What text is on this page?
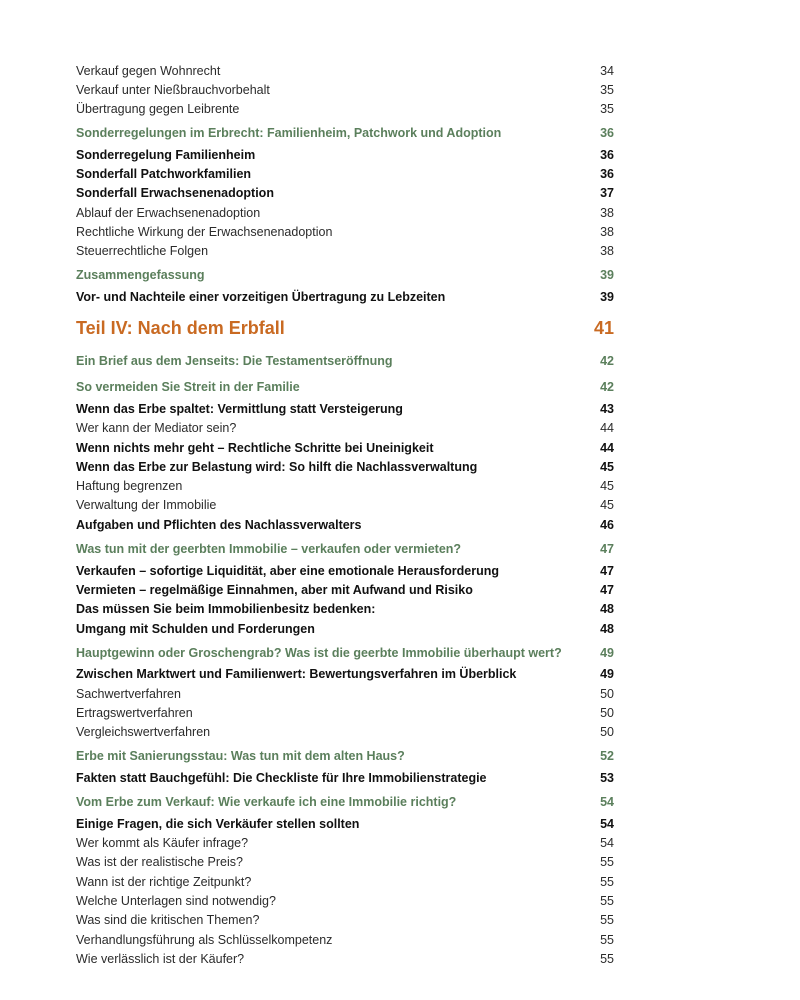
Verkauf gegen Wohnrecht	34
Verkauf unter Nießbrauchvorbehalt	35
Übertragung gegen Leibrente	35
Sonderregelungen im Erbrecht: Familienheim, Patchwork und Adoption	36
Sonderregelung Familienheim	36
Sonderfall Patchworkfamilien	36
Sonderfall Erwachsenenadoption	37
Ablauf der Erwachsenenadoption	38
Rechtliche Wirkung der Erwachsenenadoption	38
Steuerrechtliche Folgen	38
Zusammengefassung	39
Vor- und Nachteile einer vorzeitigen Übertragung zu Lebzeiten	39
Teil IV: Nach dem Erbfall	41
Ein Brief aus dem Jenseits: Die Testamentseröffnung	42
So vermeiden Sie Streit in der Familie	42
Wenn das Erbe spaltet: Vermittlung statt Versteigerung	43
Wer kann der Mediator sein?	44
Wenn nichts mehr geht – Rechtliche Schritte bei Uneinigkeit	44
Wenn das Erbe zur Belastung wird: So hilft die Nachlassverwaltung	45
Haftung begrenzen	45
Verwaltung der Immobilie	45
Aufgaben und Pflichten des Nachlassverwalters	46
Was tun mit der geerbten Immobilie – verkaufen oder vermieten?	47
Verkaufen – sofortige Liquidität, aber eine emotionale Herausforderung	47
Vermieten – regelmäßige Einnahmen, aber mit Aufwand und Risiko	47
Das müssen Sie beim Immobilienbesitz bedenken:	48
Umgang mit Schulden und Forderungen	48
Hauptgewinn oder Groschengrab? Was ist die geerbte Immobilie überhaupt wert?	49
Zwischen Marktwert und Familienwert: Bewertungsverfahren im Überblick	49
Sachwertverfahren	50
Ertragswertverfahren	50
Vergleichswertverfahren	50
Erbe mit Sanierungsstau: Was tun mit dem alten Haus?	52
Fakten statt Bauchgefühl: Die Checkliste für Ihre Immobilienstrategie	53
Vom Erbe zum Verkauf: Wie verkaufe ich eine Immobilie richtig?	54
Einige Fragen, die sich Verkäufer stellen sollten	54
Wer kommt als Käufer infrage?	54
Was ist der realistische Preis?	55
Wann ist der richtige Zeitpunkt?	55
Welche Unterlagen sind notwendig?	55
Was sind die kritischen Themen?	55
Verhandlungsführung als Schlüsselkompetenz	55
Wie verlässlich ist der Käufer?	55
